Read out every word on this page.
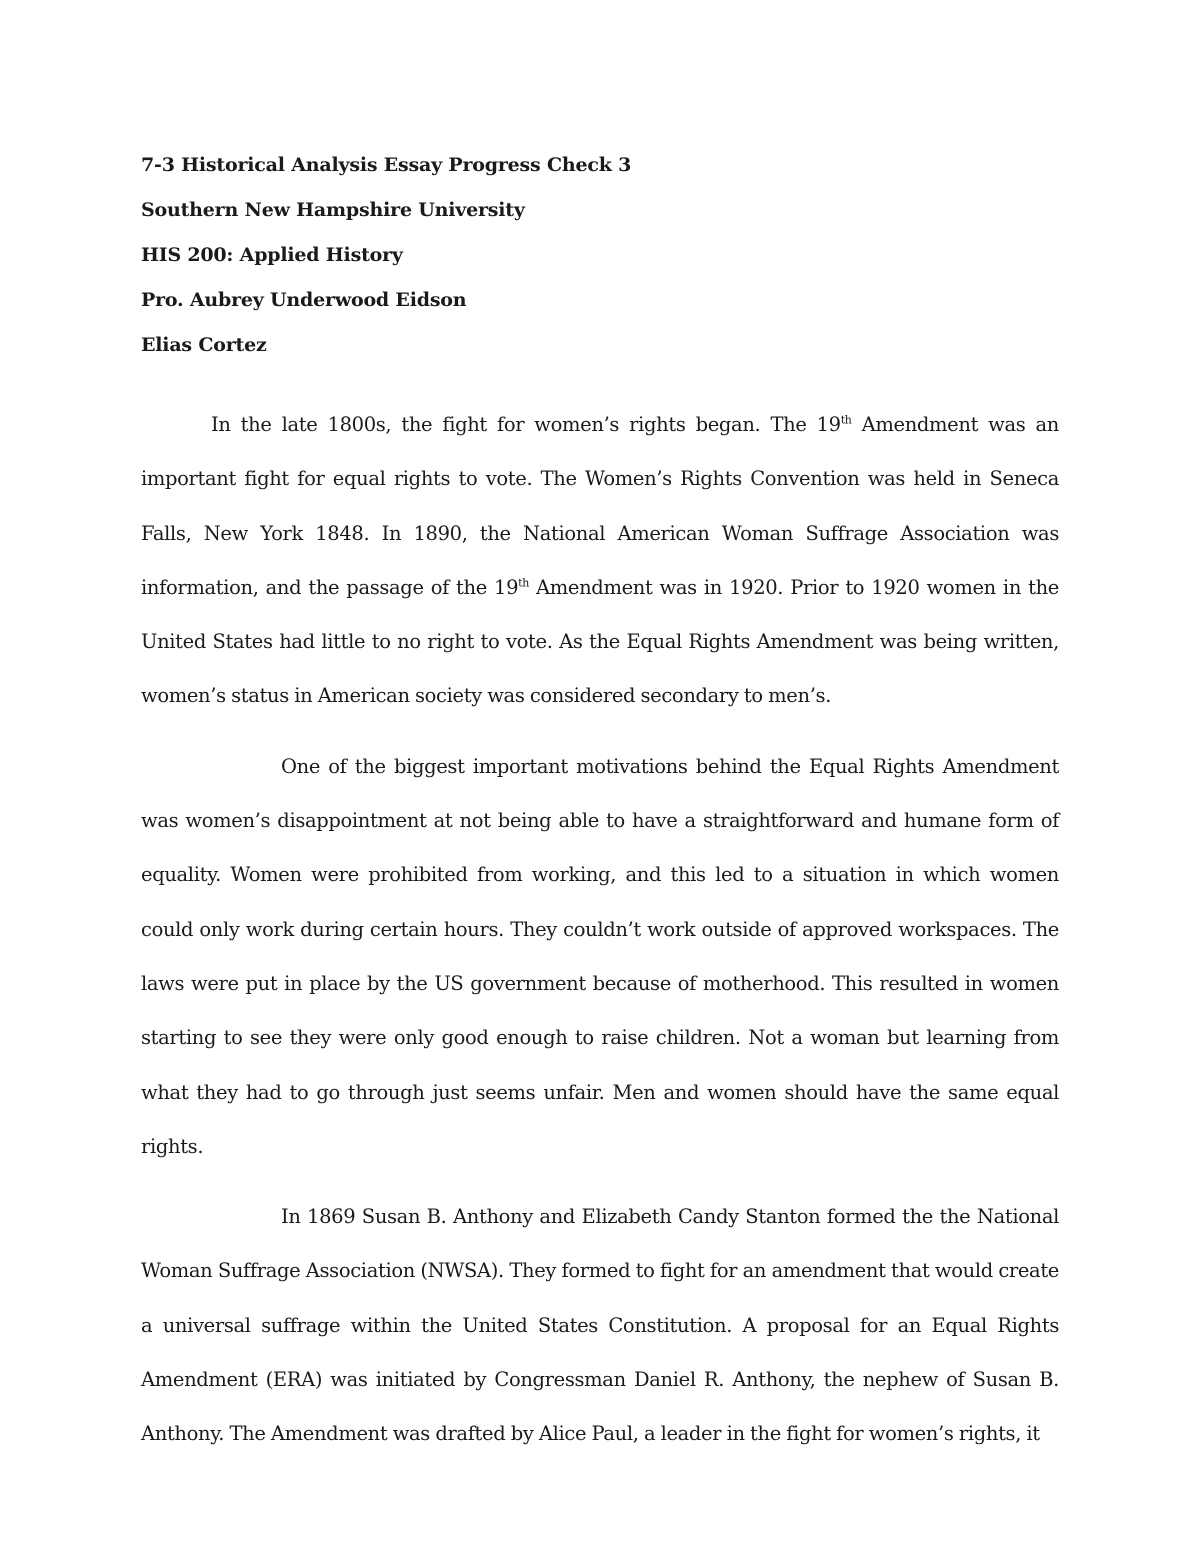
7-3 Historical Analysis Essay Progress Check 3
Southern New Hampshire University
HIS 200: Applied History
Pro. Aubrey Underwood Eidson
Elias Cortez

In the late 1800s, the fight for women’s rights began. The 19th Amendment was an important fight for equal rights to vote. The Women’s Rights Convention was held in Seneca Falls, New York 1848. In 1890, the National American Woman Suffrage Association was information, and the passage of the 19th Amendment was in 1920. Prior to 1920 women in the United States had little to no right to vote. As the Equal Rights Amendment was being written, women’s status in American society was considered secondary to men’s.

One of the biggest important motivations behind the Equal Rights Amendment was women’s disappointment at not being able to have a straightforward and humane form of equality. Women were prohibited from working, and this led to a situation in which women could only work during certain hours. They couldn’t work outside of approved workspaces. The laws were put in place by the US government because of motherhood. This resulted in women starting to see they were only good enough to raise children. Not a woman but learning from what they had to go through just seems unfair. Men and women should have the same equal rights.

In 1869 Susan B. Anthony and Elizabeth Candy Stanton formed the the National Woman Suffrage Association (NWSA). They formed to fight for an amendment that would create a universal suffrage within the United States Constitution. A proposal for an Equal Rights Amendment (ERA) was initiated by Congressman Daniel R. Anthony, the nephew of Susan B. Anthony. The Amendment was drafted by Alice Paul, a leader in the fight for women’s rights, it
